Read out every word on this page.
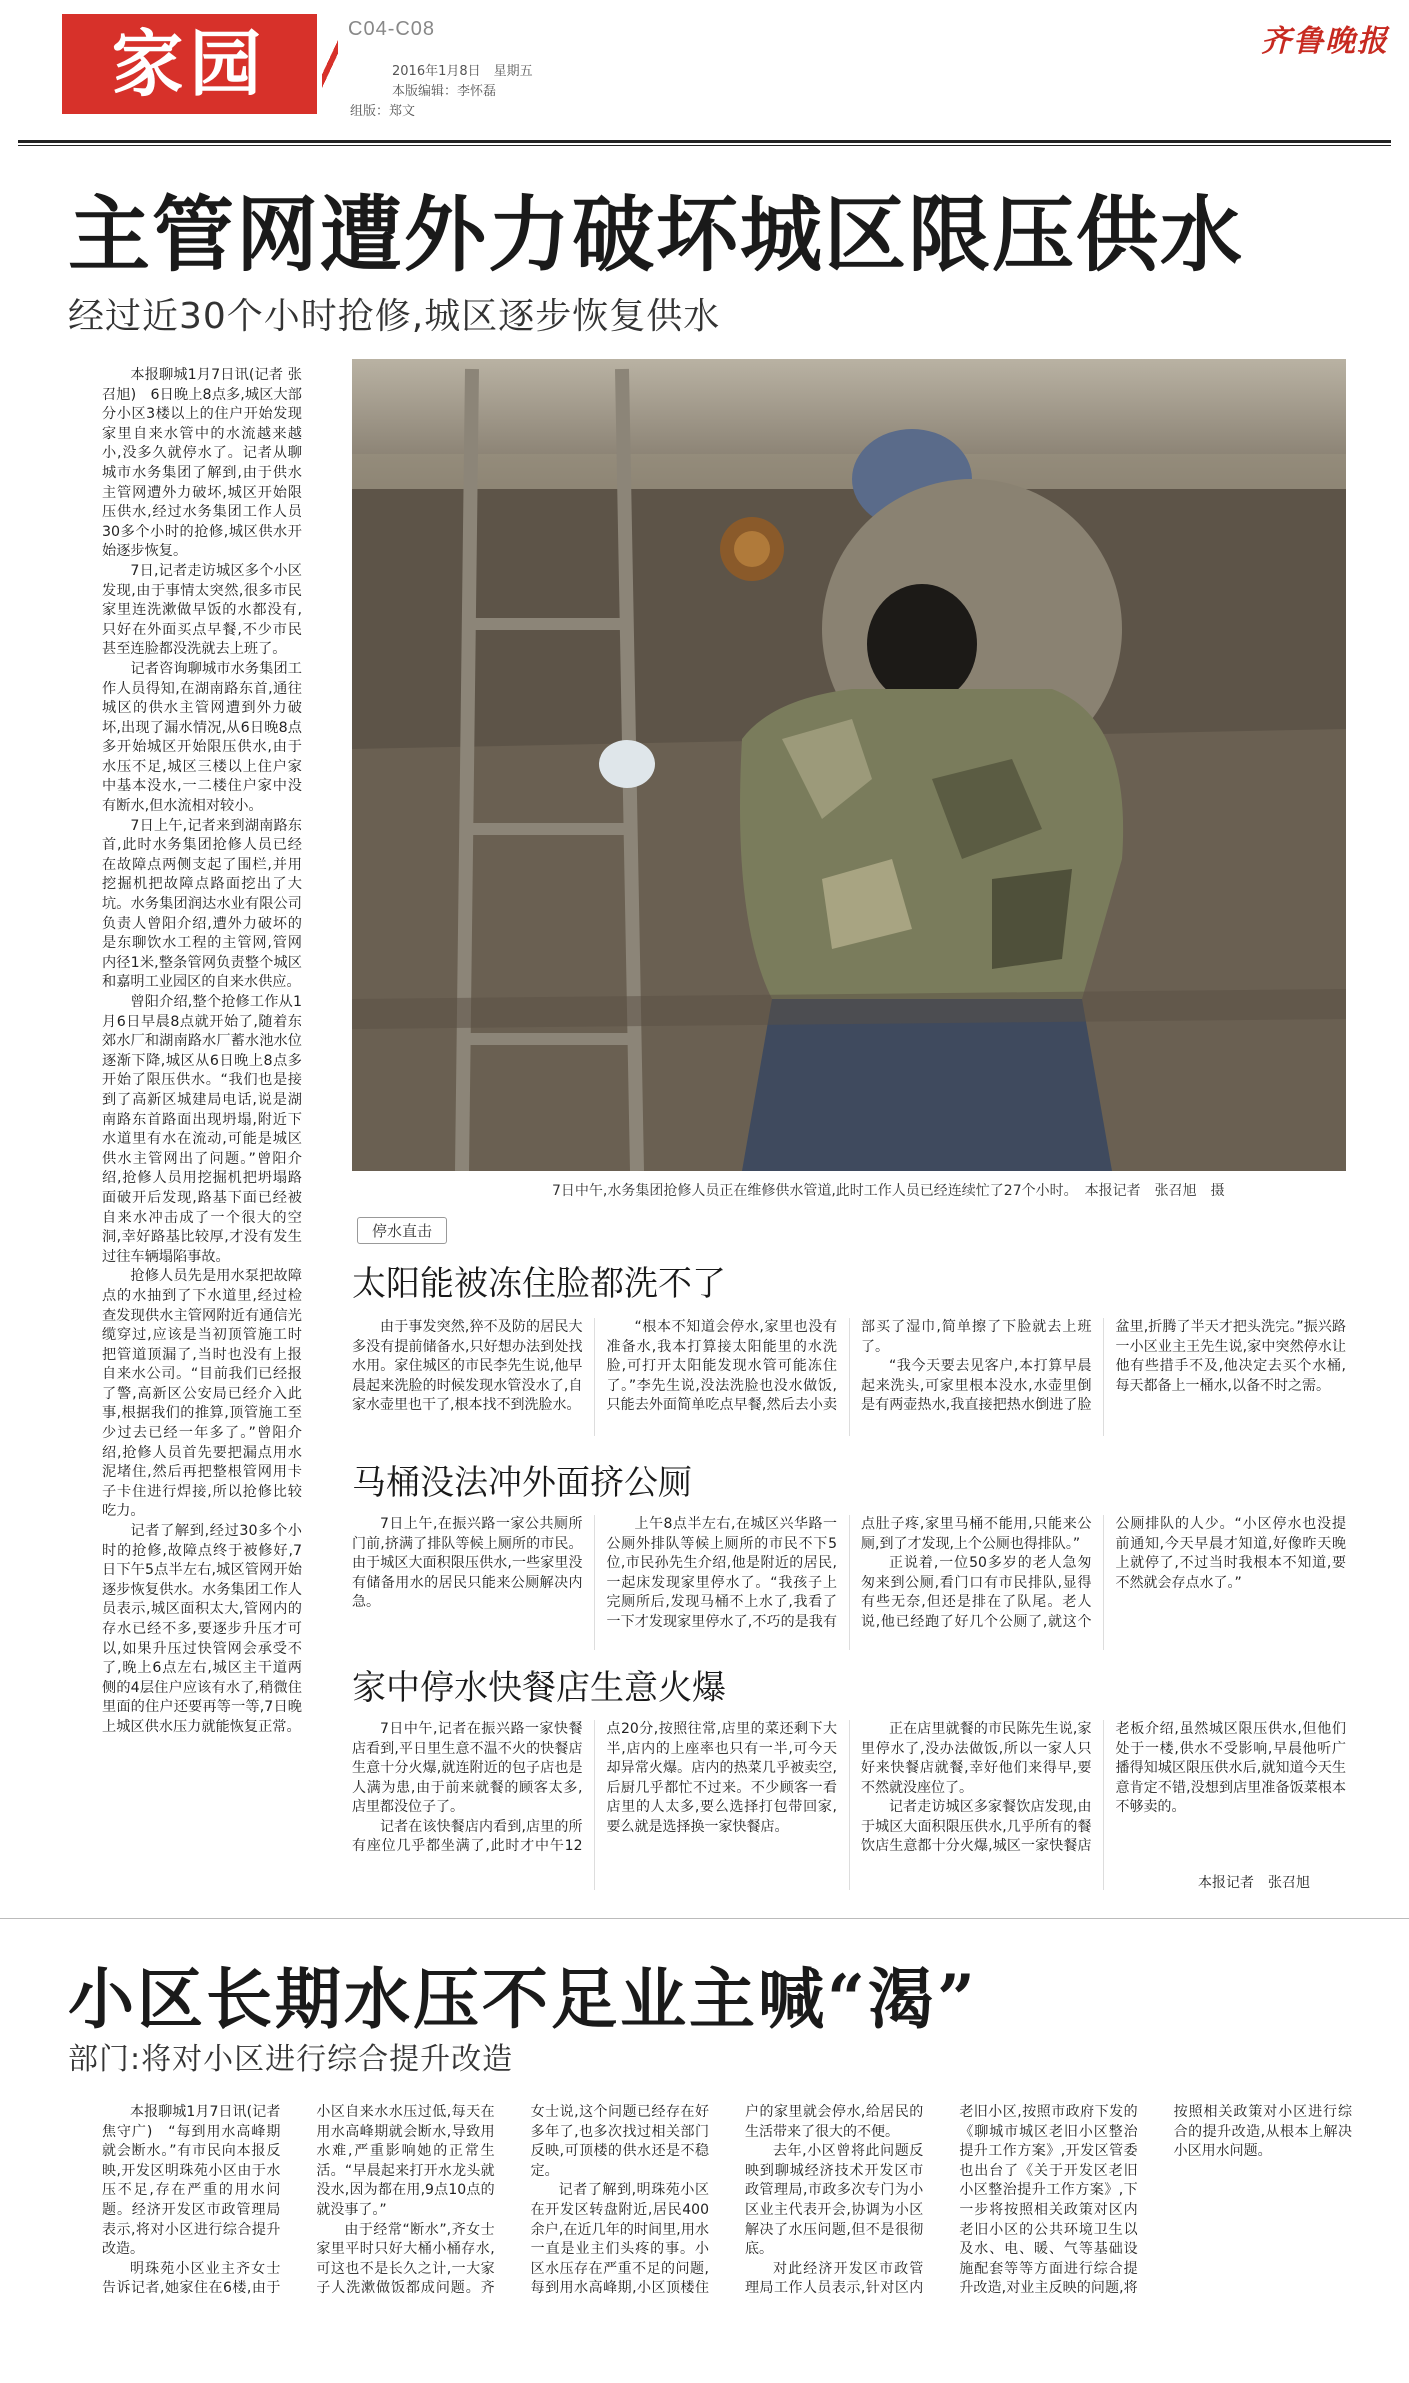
家园	C04-C08
2016年1月8日　星期五
本版编辑：李怀磊
组版：郑文
齐鲁晚报
主管网遭外力破坏城区限压供水
经过近30个小时抢修,城区逐步恢复供水

本报聊城1月7日讯(记者 张召旭)　6日晚上8点多,城区大部分小区3楼以上的住户开始发现家里自来水管中的水流越来越小,没多久就停水了。记者从聊城市水务集团了解到,由于供水主管网遭外力破坏,城区开始限压供水,经过水务集团工作人员30多个小时的抢修,城区供水开始逐步恢复。

7日,记者走访城区多个小区发现,由于事情太突然,很多市民家里连洗漱做早饭的水都没有,只好在外面买点早餐,不少市民甚至连脸都没洗就去上班了。

记者咨询聊城市水务集团工作人员得知,在湖南路东首,通往城区的供水主管网遭到外力破坏,出现了漏水情况,从6日晚8点多开始城区开始限压供水,由于水压不足,城区三楼以上住户家中基本没水,一二楼住户家中没有断水,但水流相对较小。

7日上午,记者来到湖南路东首,此时水务集团抢修人员已经在故障点两侧支起了围栏,并用挖掘机把故障点路面挖出了大坑。水务集团润达水业有限公司负责人曾阳介绍,遭外力破坏的是东聊饮水工程的主管网,管网内径1米,整条管网负责整个城区和嘉明工业园区的自来水供应。

曾阳介绍,整个抢修工作从1月6日早晨8点就开始了,随着东郊水厂和湖南路水厂蓄水池水位逐渐下降,城区从6日晚上8点多开始了限压供水。“我们也是接到了高新区城建局电话,说是湖南路东首路面出现坍塌,附近下水道里有水在流动,可能是城区供水主管网出了问题。”曾阳介绍,抢修人员用挖掘机把坍塌路面破开后发现,路基下面已经被自来水冲击成了一个很大的空洞,幸好路基比较厚,才没有发生过往车辆塌陷事故。

抢修人员先是用水泵把故障点的水抽到了下水道里,经过检查发现供水主管网附近有通信光缆穿过,应该是当初顶管施工时把管道顶漏了,当时也没有上报自来水公司。“目前我们已经报了警,高新区公安局已经介入此事,根据我们的推算,顶管施工至少过去已经一年多了。”曾阳介绍,抢修人员首先要把漏点用水泥堵住,然后再把整根管网用卡子卡住进行焊接,所以抢修比较吃力。

记者了解到,经过30多个小时的抢修,故障点终于被修好,7日下午5点半左右,城区管网开始逐步恢复供水。水务集团工作人员表示,城区面积太大,管网内的存水已经不多,要逐步升压才可以,如果升压过快管网会承受不了,晚上6点左右,城区主干道两侧的4层住户应该有水了,稍微住里面的住户还要再等一等,7日晚上城区供水压力就能恢复正常。

7日中午,水务集团抢修人员正在维修供水管道,此时工作人员已经连续忙了27个小时。　本报记者　张召旭　摄
停水直击
太阳能被冻住脸都洗不了

由于事发突然,猝不及防的居民大多没有提前储备水,只好想办法到处找水用。家住城区的市民李先生说,他早晨起来洗脸的时候发现水管没水了,自家水壶里也干了,根本找不到洗脸水。

“根本不知道会停水,家里也没有准备水,我本打算接太阳能里的水洗脸,可打开太阳能发现水管可能冻住了。”李先生说,没法洗脸也没水做饭,只能去外面简单吃点早餐,然后去小卖部买了湿巾,简单擦了下脸就去上班了。

“我今天要去见客户,本打算早晨起来洗头,可家里根本没水,水壶里倒是有两壶热水,我直接把热水倒进了脸盆里,折腾了半天才把头洗完。”振兴路一小区业主王先生说,家中突然停水让他有些措手不及,他决定去买个水桶,每天都备上一桶水,以备不时之需。

马桶没法冲外面挤公厕

7日上午,在振兴路一家公共厕所门前,挤满了排队等候上厕所的市民。由于城区大面积限压供水,一些家里没有储备用水的居民只能来公厕解决内急。

上午8点半左右,在城区兴华路一公厕外排队等候上厕所的市民不下5位,市民孙先生介绍,他是附近的居民,一起床发现家里停水了。“我孩子上完厕所后,发现马桶不上水了,我看了一下才发现家里停水了,不巧的是我有点肚子疼,家里马桶不能用,只能来公厕,到了才发现,上个公厕也得排队。”

正说着,一位50多岁的老人急匆匆来到公厕,看门口有市民排队,显得有些无奈,但还是排在了队尾。老人说,他已经跑了好几个公厕了,就这个公厕排队的人少。“小区停水也没提前通知,今天早晨才知道,好像昨天晚上就停了,不过当时我根本不知道,要不然就会存点水了。”

家中停水快餐店生意火爆

7日中午,记者在振兴路一家快餐店看到,平日里生意不温不火的快餐店生意十分火爆,就连附近的包子店也是人满为患,由于前来就餐的顾客太多,店里都没位子了。

记者在该快餐店内看到,店里的所有座位几乎都坐满了,此时才中午12点20分,按照往常,店里的菜还剩下大半,店内的上座率也只有一半,可今天却异常火爆。店内的热菜几乎被卖空,后厨几乎都忙不过来。不少顾客一看店里的人太多,要么选择打包带回家,要么就是选择换一家快餐店。

正在店里就餐的市民陈先生说,家里停水了,没办法做饭,所以一家人只好来快餐店就餐,幸好他们来得早,要不然就没座位了。

记者走访城区多家餐饮店发现,由于城区大面积限压供水,几乎所有的餐饮店生意都十分火爆,城区一家快餐店老板介绍,虽然城区限压供水,但他们处于一楼,供水不受影响,早晨他听广播得知城区限压供水后,就知道今天生意肯定不错,没想到店里准备饭菜根本不够卖的。

本报记者　张召旭
小区长期水压不足业主喊“渴”
部门:将对小区进行综合提升改造

本报聊城1月7日讯(记者 焦守广)　“每到用水高峰期就会断水。”有市民向本报反映,开发区明珠苑小区由于水压不足,存在严重的用水问题。经济开发区市政管理局表示,将对小区进行综合提升改造。

明珠苑小区业主齐女士告诉记者,她家住在6楼,由于小区自来水水压过低,每天在用水高峰期就会断水,导致用水难,严重影响她的正常生活。“早晨起来打开水龙头就没水,因为都在用,9点10点的就没事了。”

由于经常“断水”,齐女士家里平时只好大桶小桶存水,可这也不是长久之计,一大家子人洗漱做饭都成问题。齐女士说,这个问题已经存在好多年了,也多次找过相关部门反映,可顶楼的供水还是不稳定。

记者了解到,明珠苑小区在开发区转盘附近,居民400余户,在近几年的时间里,用水一直是业主们头疼的事。小区水压存在严重不足的问题,每到用水高峰期,小区顶楼住户的家里就会停水,给居民的生活带来了很大的不便。

去年,小区曾将此问题反映到聊城经济技术开发区市政管理局,市政多次专门为小区业主代表开会,协调为小区解决了水压问题,但不是很彻底。

对此经济开发区市政管理局工作人员表示,针对区内老旧小区,按照市政府下发的《聊城市城区老旧小区整治提升工作方案》,开发区管委也出台了《关于开发区老旧小区整治提升工作方案》,下一步将按照相关政策对区内老旧小区的公共环境卫生以及水、电、暖、气等基础设施配套等等方面进行综合提升改造,对业主反映的问题,将按照相关政策对小区进行综合的提升改造,从根本上解决小区用水问题。
